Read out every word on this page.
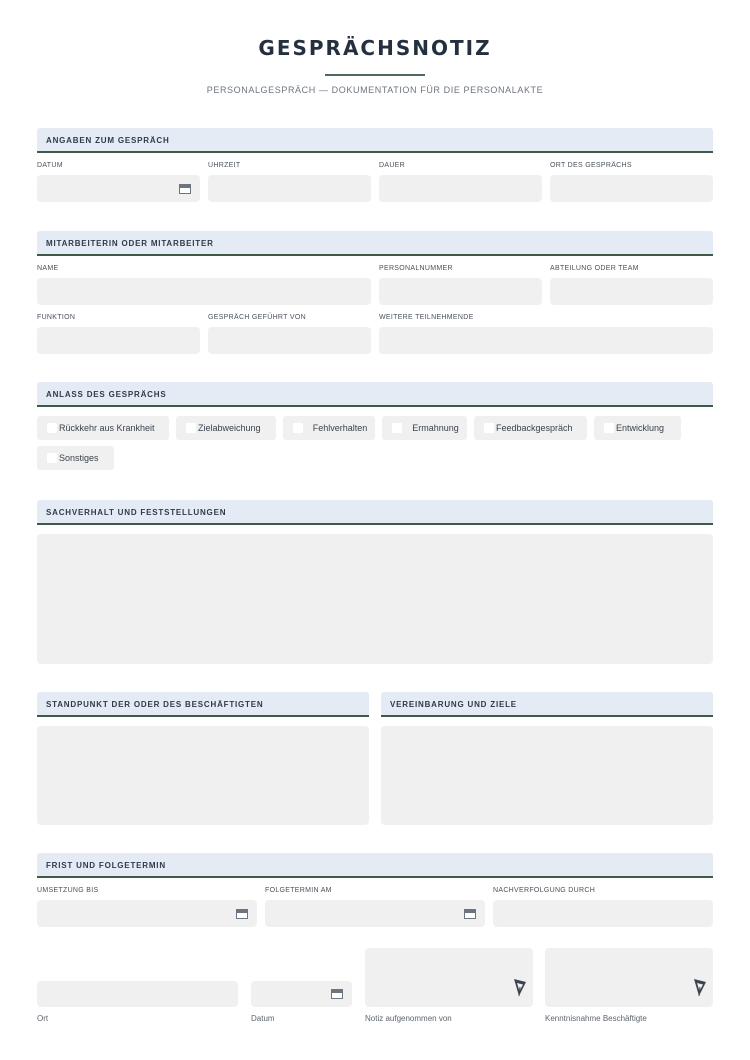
GESPRÄCHSNOTIZ
PERSONALGESPRÄCH — DOKUMENTATION FÜR DIE PERSONALAKTE
ANGABEN ZUM GESPRÄCH
DATUM	UHRZEIT	DAUER	ORT DES GESPRÄCHS
MITARBEITERIN ODER MITARBEITER
NAME	PERSONALNUMMER	ABTEILUNG ODER TEAM
FUNKTION	GESPRÄCH GEFÜHRT VON	WEITERE TEILNEHMENDE
ANLASS DES GESPRÄCHS
Rückkehr aus Krankheit	Zielabweichung	Fehlverhalten	Ermahnung	Feedbackgespräch	Entwicklung
Sonstiges
SACHVERHALT UND FESTSTELLUNGEN
STANDPUNKT DER ODER DES BESCHÄFTIGTEN	VEREINBARUNG UND ZIELE
FRIST UND FOLGETERMIN
UMSETZUNG BIS	FOLGETERMIN AM	NACHVERFOLGUNG DURCH
Ort	Datum	Notiz aufgenommen von	Kenntnisnahme Beschäftigte
